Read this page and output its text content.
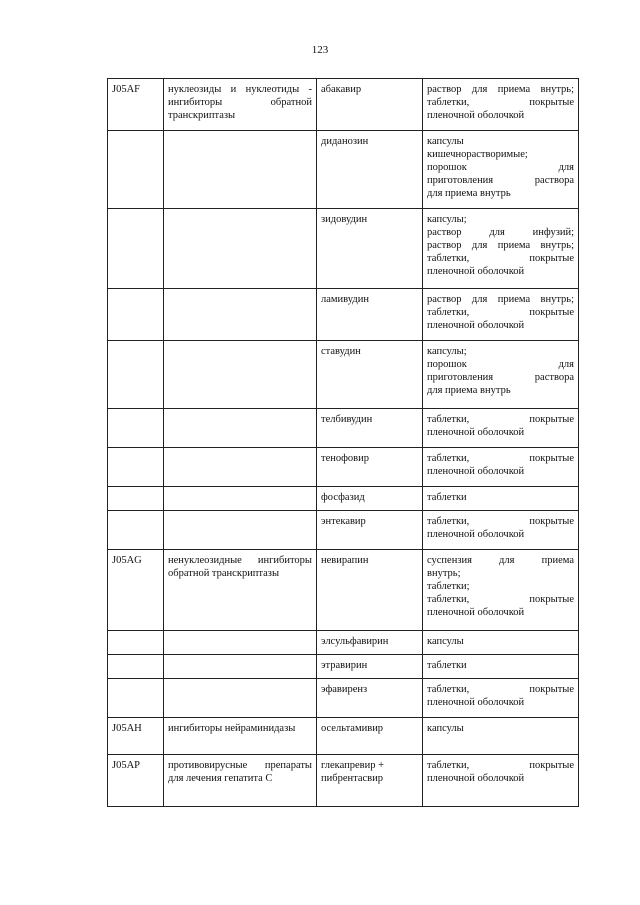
123
J05AF	нуклеозиды и нуклеотиды - ингибиторы обратной транскриптазы	абакавир	раствор для приема внутрь;
таблетки, покрытые
пленочной оболочкой

		диданозин	капсулы
кишечнорастворимые;
порошок для
приготовления раствора
для приема внутрь

		зидовудин	капсулы;
раствор для инфузий;
раствор для приема внутрь;
таблетки, покрытые
пленочной оболочкой

		ламивудин	раствор для приема внутрь;
таблетки, покрытые
пленочной оболочкой

		ставудин	капсулы;
порошок для
приготовления раствора
для приема внутрь

		телбивудин	таблетки, покрытые
пленочной оболочкой

		тенофовир	таблетки, покрытые
пленочной оболочкой

		фосфазид	таблетки

		энтекавир	таблетки, покрытые
пленочной оболочкой

J05AG	ненуклеозидные ингибиторы обратной транскриптазы	невирапин	суспензия для приема
внутрь;
таблетки;
таблетки, покрытые
пленочной оболочкой

		элсульфавирин	капсулы

		этравирин	таблетки

		эфавиренз	таблетки, покрытые
пленочной оболочкой

J05AH	ингибиторы нейраминидазы	осельтамивир	капсулы

J05AP	противовирусные препараты для лечения гепатита С	глекапревир + пибрентасвир	таблетки, покрытые
пленочной оболочкой
